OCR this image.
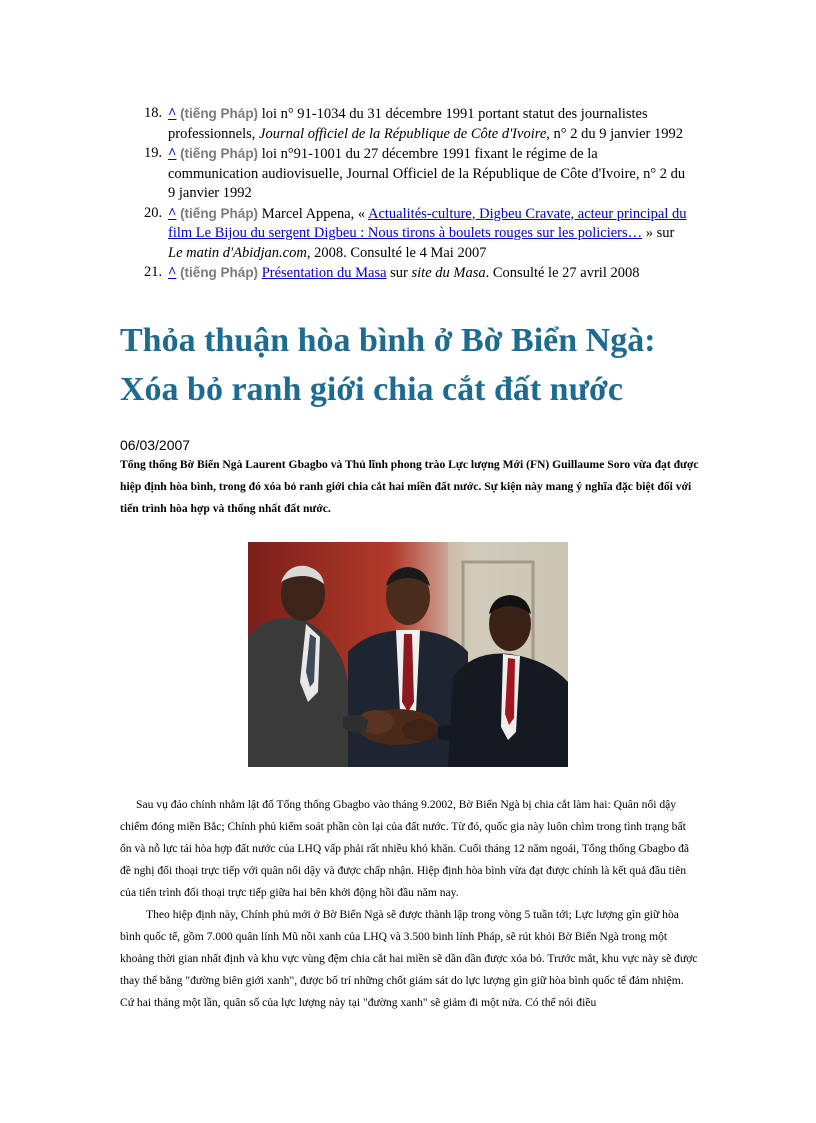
18. ^ (tiếng Pháp) loi n° 91-1034 du 31 décembre 1991 portant statut des journalistes professionnels, Journal officiel de la République de Côte d'Ivoire, n° 2 du 9 janvier 1992
19. ^ (tiếng Pháp) loi n°91-1001 du 27 décembre 1991 fixant le régime de la communication audiovisuelle, Journal Officiel de la République de Côte d'Ivoire, n° 2 du 9 janvier 1992
20. ^ (tiếng Pháp) Marcel Appena, « Actualités-culture, Digbeu Cravate, acteur principal du film Le Bijou du sergent Digbeu : Nous tirons à boulets rouges sur les policiers… » sur Le matin d'Abidjan.com, 2008. Consulté le 4 Mai 2007
21. ^ (tiếng Pháp) Présentation du Masa sur site du Masa. Consulté le 27 avril 2008
Thỏa thuận hòa bình ở Bờ Biển Ngà: Xóa bỏ ranh giới chia cắt đất nước
06/03/2007

Tổng thống Bờ Biển Ngà Laurent Gbagbo và Thủ lĩnh phong trào Lực lượng Mới (FN) Guillaume Soro vừa đạt được hiệp định hòa bình, trong đó xóa bỏ ranh giới chia cắt hai miền đất nước. Sự kiện này mang ý nghĩa đặc biệt đối với tiến trình hòa hợp và thống nhất đất nước.

Sau vụ đảo chính nhằm lật đổ Tổng thống Gbagbo vào tháng 9.2002, Bờ Biển Ngà bị chia cắt làm hai: Quân nổi dậy chiếm đóng miền Bắc; Chính phủ kiểm soát phần còn lại của đất nước. Từ đó, quốc gia này luôn chìm trong tình trạng bất ổn và nỗ lực tái hòa hợp đất nước của LHQ vấp phải rất nhiều khó khăn. Cuối tháng 12 năm ngoái, Tổng thống Gbagbo đã đề nghị đối thoại trực tiếp với quân nổi dậy và được chấp nhận. Hiệp định hòa bình vừa đạt được chính là kết quả đầu tiên của tiến trình đối thoại trực tiếp giữa hai bên khởi động hồi đầu năm nay.

Theo hiệp định này, Chính phủ mới ở Bờ Biển Ngà sẽ được thành lập trong vòng 5 tuần tới; Lực lượng gìn giữ hòa bình quốc tế, gồm 7.000 quân lính Mũ nồi xanh của LHQ và 3.500 binh lính Pháp, sẽ rút khỏi Bờ Biển Ngà trong một khoảng thời gian nhất định và khu vực vùng đệm chia cắt hai miền sẽ dần dần được xóa bỏ. Trước mắt, khu vực này sẽ được thay thế bằng "đường biên giới xanh", được bố trí những chốt giám sát do lực lượng gìn giữ hòa bình quốc tế đảm nhiệm. Cứ hai tháng một lần, quân số của lực lượng này tại "đường xanh" sẽ giảm đi một nửa. Có thể nói điều
